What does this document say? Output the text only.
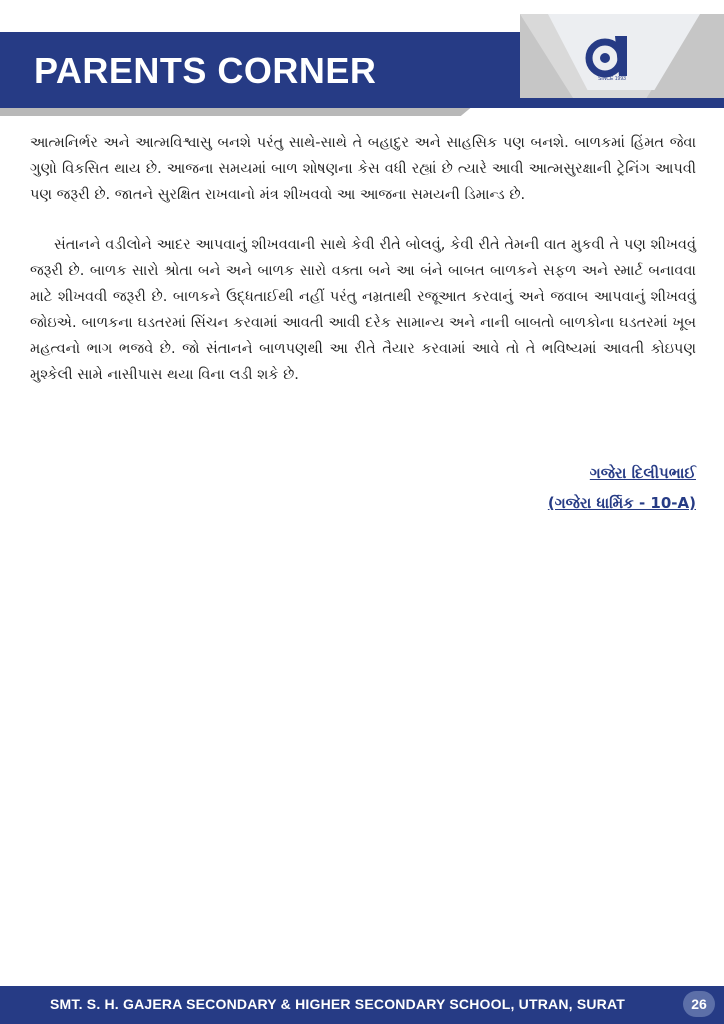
PARENTS CORNER	SINCE 1993

આત્મનિર્ભર અને આત્મવિશ્વાસુ બનશે પરંતુ સાથે-સાથે તે બહાદુર અને સાહસિક પણ બનશે. બાળકમાં હિંમત જેવા ગુણો વિકસિત થાય છે. આજના સમયમાં બાળ શોષણના કેસ વધી રહ્યાં છે ત્યારે આવી આત્મસુરક્ષાની ટ્રેનિંગ આપવી પણ જરૂરી છે. જાતને સુરક્ષિત રાખવાનો મંત્ર શીખવવો આ આજના સમયની ડિમાન્ડ છે.

સંતાનને વડીલોને આદર આપવાનું શીખવવાની સાથે કેવી રીતે બોલવું, કેવી રીતે તેમની વાત મુકવી તે પણ શીખવવું જરૂરી છે. બાળક સારો શ્રોતા બને અને બાળક સારો વક્તા બને આ બંને બાબત બાળકને સફળ અને સ્માર્ટ બનાવવા માટે શીખવવી જરૂરી છે. બાળકને ઉદ્ધતાઈથી નહીં પરંતુ નમ્રતાથી રજૂઆત કરવાનું અને જવાબ આપવાનું શીખવવું જોઇએ. બાળકના ઘડતરમાં સિંચન કરવામાં આવતી આવી દરેક સામાન્ય અને નાની બાબતો બાળકોના ઘડતરમાં ખૂબ મહત્વનો ભાગ ભજવે છે. જો સંતાનને બાળપણથી આ રીતે તૈયાર કરવામાં આવે તો તે ભવિષ્યમાં આવતી કોઇપણ મુશ્કેલી સામે નાસીપાસ થયા વિના લડી શકે છે.

ગજેરા દિલીપભાઈ
(ગજેરા ધાર્મિક - 10-A)
SMT. S. H. GAJERA SECONDARY & HIGHER SECONDARY SCHOOL, UTRAN, SURAT	26
